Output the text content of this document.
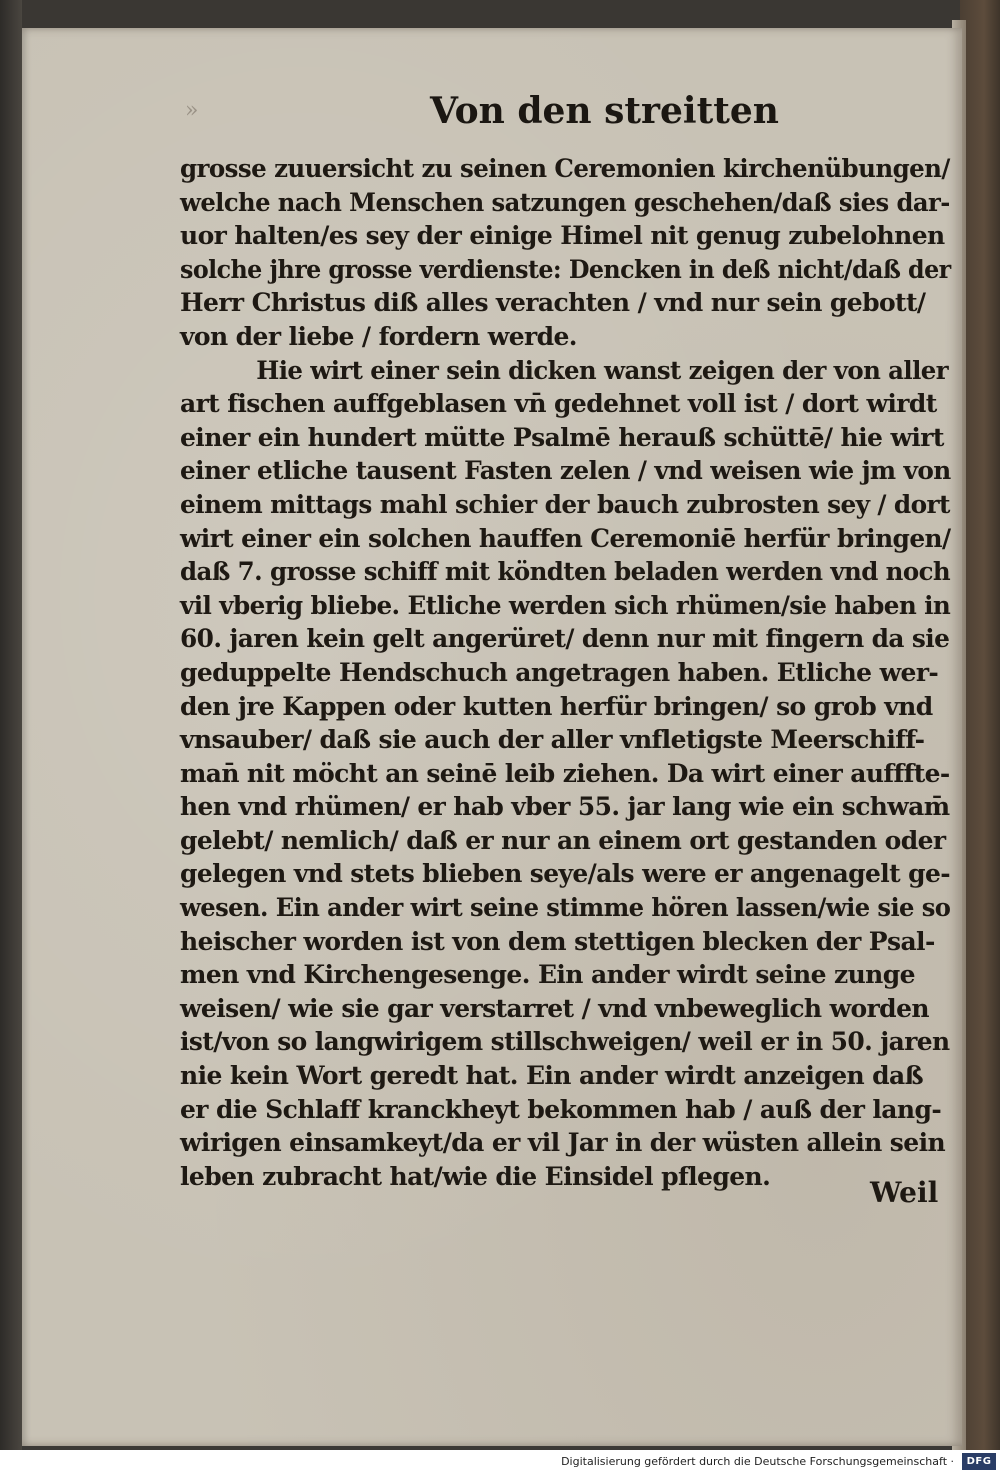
»	Von den streitten
grosse zuuersicht zu seinen Ceremonien kirchenübungen/
welche nach Menschen satzungen geschehen/daß sies dar-
uor halten/es sey der einige Himel nit genug zubelohnen
solche jhre grosse verdienste: Dencken in deß nicht/daß der
Herr Christus diß alles verachten / vnd nur sein gebott/
von der liebe / fordern werde.
Hie wirt einer sein dicken wanst zeigen der von aller
art fischen auffgeblasen vn̄ gedehnet voll ist / dort wirdt
einer ein hundert mütte Psalmē herauß schüttē/ hie wirt
einer etliche tausent Fasten zelen / vnd weisen wie jm von
einem mittags mahl schier der bauch zubrosten sey / dort
wirt einer ein solchen hauffen Ceremoniē herfür bringen/
daß 7. grosse schiff mit köndten beladen werden vnd noch
vil vberig bliebe. Etliche werden sich rhümen/sie haben in
60. jaren kein gelt angerüret/ denn nur mit fingern da sie
geduppelte Hendschuch angetragen haben. Etliche wer-
den jre Kappen oder kutten herfür bringen/ so grob vnd
vnsauber/ daß sie auch der aller vnfletigste Meerschiff-
man̄ nit möcht an seinē leib ziehen. Da wirt einer aufffte-
hen vnd rhümen/ er hab vber 55. jar lang wie ein schwam̄
gelebt/ nemlich/ daß er nur an einem ort gestanden oder
gelegen vnd stets blieben seye/als were er angenagelt ge-
wesen. Ein ander wirt seine stimme hören lassen/wie sie so
heischer worden ist von dem stettigen blecken der Psal-
men vnd Kirchengesenge. Ein ander wirdt seine zunge
weisen/ wie sie gar verstarret / vnd vnbeweglich worden
ist/von so langwirigem stillschweigen/ weil er in 50. jaren
nie kein Wort geredt hat. Ein ander wirdt anzeigen daß
er die Schlaff kranckheyt bekommen hab / auß der lang-
wirigen einsamkeyt/da er vil Jar in der wüsten allein sein
leben zubracht hat/wie die Einsidel pflegen.	Weil
Digitalisierung gefördert durch die Deutsche Forschungsgemeinschaft ·	DFG
